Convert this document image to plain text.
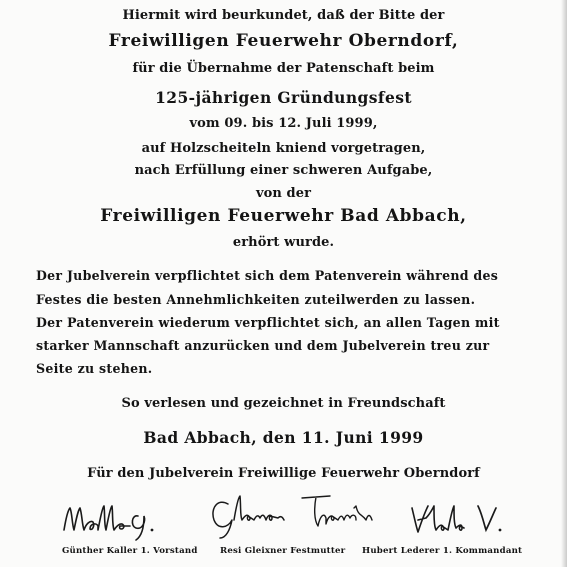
Hiermit wird beurkundet, daß der Bitte der
Freiwilligen Feuerwehr Oberndorf,
für die Übernahme der Patenschaft beim
125-jährigen Gründungsfest
vom 09. bis 12. Juli 1999,
auf Holzscheiteln kniend vorgetragen,
nach Erfüllung einer schweren Aufgabe,
von der
Freiwilligen Feuerwehr Bad Abbach,
erhört wurde.
Der Jubelverein verpflichtet sich dem Patenverein während des
Festes die besten Annehmlichkeiten zuteilwerden zu lassen.
Der Patenverein wiederum verpflichtet sich, an allen Tagen mit
starker Mannschaft anzurücken und dem Jubelverein treu zur
Seite zu stehen.
So verlesen und gezeichnet in Freundschaft
Bad Abbach, den 11. Juni 1999
Für den Jubelverein Freiwillige Feuerwehr Oberndorf
Günther Kaller 1. Vorstand	Resi Gleixner Festmutter Hubert Lederer 1. Kommandant
